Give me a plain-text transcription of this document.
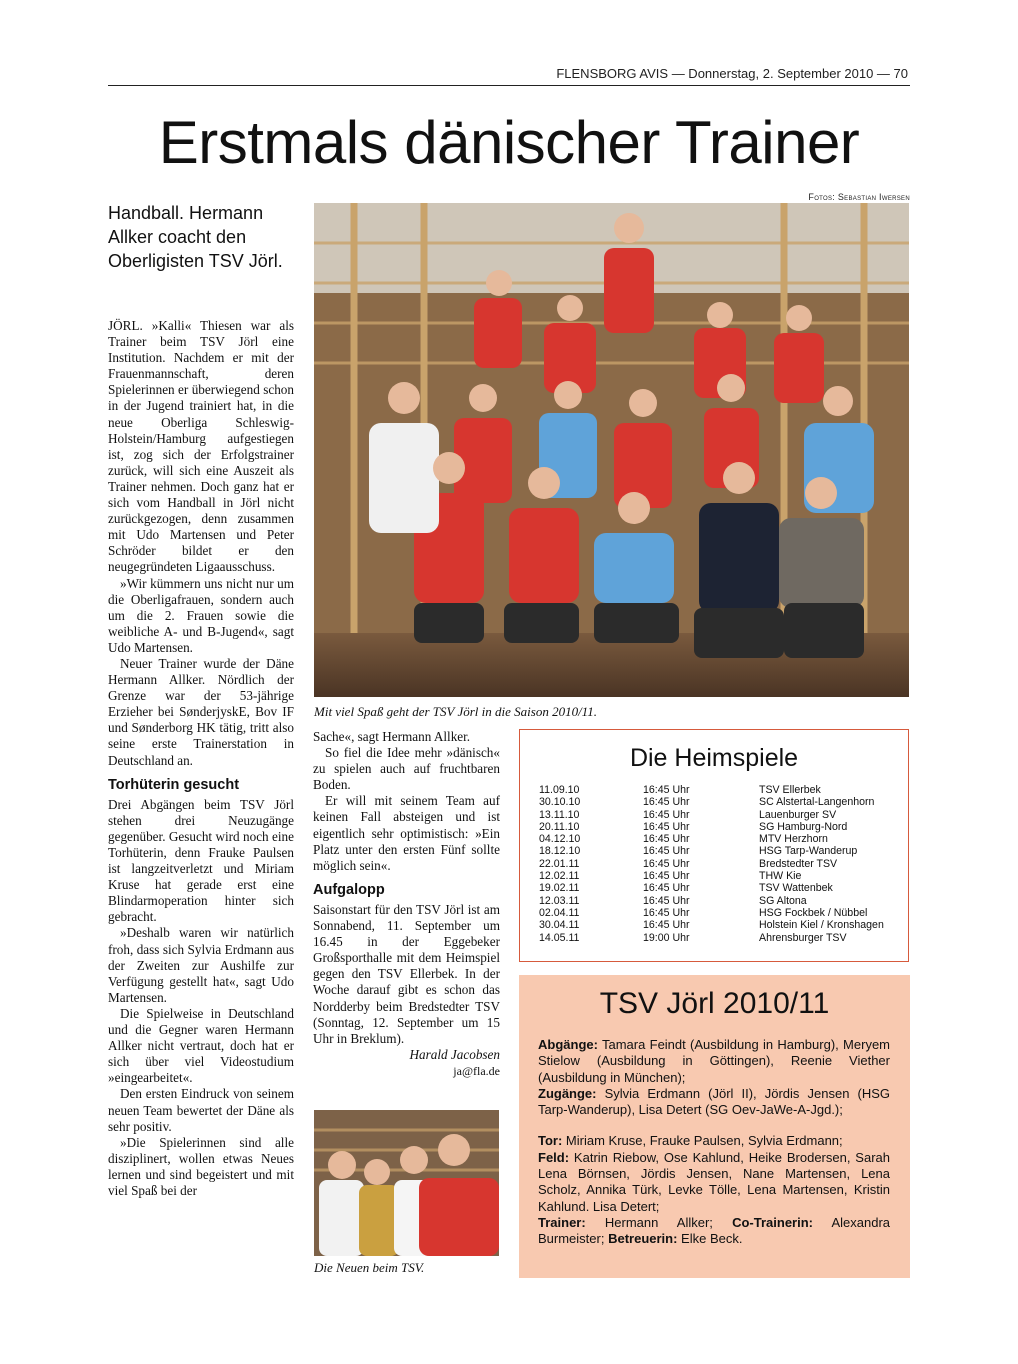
FLENSBORG AVIS — Donnerstag, 2. September 2010 — 70
Erstmals dänischer Trainer
Fotos: Sebastian Iwersen
Handball. Hermann Allker coacht den Oberligisten TSV Jörl.

JÖRL. »Kalli« Thiesen war als Trainer beim TSV Jörl eine Institution. Nachdem er mit der Frauenmannschaft, deren Spielerinnen er überwiegend schon in der Jugend trainiert hat, in die neue Oberliga Schleswig-Holstein/Hamburg aufgestiegen ist, zog sich der Erfolgstrainer zurück, will sich eine Auszeit als Trainer nehmen. Doch ganz hat er sich vom Handball in Jörl nicht zurückgezogen, denn zusammen mit Udo Martensen und Peter Schröder bildet er den neugegründeten Ligaausschuss.

»Wir kümmern uns nicht nur um die Oberligafrauen, sondern auch um die 2. Frauen sowie die weibliche A- und B-Jugend«, sagt Udo Martensen.

Neuer Trainer wurde der Däne Hermann Allker. Nördlich der Grenze war der 53-jährige Erzieher bei SønderjyskE, Bov IF und Sønderborg HK tätig, tritt also seine erste Trainerstation in Deutschland an.

Torhüterin gesucht

Drei Abgängen beim TSV Jörl stehen drei Neuzugänge gegenüber. Gesucht wird noch eine Torhüterin, denn Frauke Paulsen ist langzeitverletzt und Miriam Kruse hat gerade erst eine Blindarmoperation hinter sich gebracht.

»Deshalb waren wir natürlich froh, dass sich Sylvia Erdmann aus der Zweiten zur Aushilfe zur Verfügung gestellt hat«, sagt Udo Martensen.

Die Spielweise in Deutschland und die Gegner waren Hermann Allker nicht vertraut, doch hat er sich über viel Videostudium »eingearbeitet«.

Den ersten Eindruck von seinem neuen Team bewertet der Däne als sehr positiv.

»Die Spielerinnen sind alle disziplinert, wollen etwas Neues lernen und sind begeistert und mit viel Spaß bei der

Mit viel Spaß geht der TSV Jörl in die Saison 2010/11.

Sache«, sagt Hermann Allker.

So fiel die Idee mehr »dänisch« zu spielen auch auf fruchtbaren Boden.

Er will mit seinem Team auf keinen Fall absteigen und ist eigentlich sehr optimistisch: »Ein Platz unter den ersten Fünf sollte möglich sein«.

Aufgalopp

Saisonstart für den TSV Jörl ist am Sonnabend, 11. September um 16.45 in der Eggebeker Großsporthalle mit dem Heimspiel gegen den TSV Ellerbek. In der Woche darauf gibt es schon das Nordderby beim Bredstedter TSV (Sonntag, 12. September um 15 Uhr in Breklum).

Harald Jacobsen

ja@fla.de

Die Neuen beim TSV.
Die Heimspiele
11.09.10	16:45 Uhr	TSV Ellerbek
30.10.10	16:45 Uhr	SC Alstertal-Langenhorn
13.11.10	16:45 Uhr	Lauenburger SV
20.11.10	16:45 Uhr	SG Hamburg-Nord
04.12.10	16:45 Uhr	MTV Herzhorn
18.12.10	16:45 Uhr	HSG Tarp-Wanderup
22.01.11	16:45 Uhr	Bredstedter TSV
12.02.11	16:45 Uhr	THW Kie
19.02.11	16:45 Uhr	TSV Wattenbek
12.03.11	16:45 Uhr	SG Altona
02.04.11	16:45 Uhr	HSG Fockbek / Nübbel
30.04.11	16:45 Uhr	Holstein Kiel / Kronshagen
14.05.11	19:00 Uhr	Ahrensburger TSV
TSV Jörl 2010/11

Abgänge: Tamara Feindt (Ausbildung in Hamburg), Meryem Stielow (Ausbildung in Göttingen), Reenie Viether (Ausbildung in München);

Zugänge: Sylvia Erdmann (Jörl II), Jördis Jensen (HSG Tarp-Wanderup), Lisa Detert (SG Oev-JaWe-A-Jgd.);

Tor: Miriam Kruse, Frauke Paulsen, Sylvia Erdmann;

Feld: Katrin Riebow, Ose Kahlund, Heike Brodersen, Sarah Lena Börnsen, Jördis Jensen, Nane Martensen, Lena Scholz, Annika Türk, Levke Tölle, Lena Martensen, Kristin Kahlund. Lisa Detert;

Trainer: Hermann Allker; Co-Trainerin: Alexandra Burmeister; Betreuerin: Elke Beck.
